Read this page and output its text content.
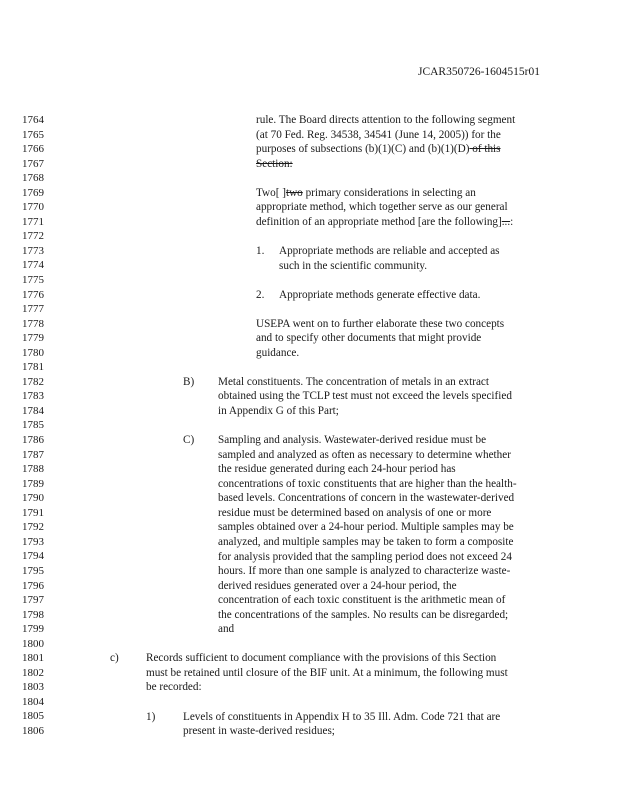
JCAR350726-1604515r01
1764
1765
1766
1767
1768
1769
1770
1771
1772
1773
1774
1775
1776
1777
1778
1779
1780
1781
1782
1783
1784
1785
1786
1787
1788
1789
1790
1791
1792
1793
1794
1795
1796
1797
1798
1799
1800
1801
1802
1803
1804
1805
1806
rule. The Board directs attention to the following segment
(at 70 Fed. Reg. 34538, 34541 (June 14, 2005)) for the
purposes of subsections (b)(1)(C) and (b)(1)(D) of this
Section:
Two[ ]two primary considerations in selecting an
appropriate method, which together serve as our general
definition of an appropriate method [are the following]...:
1. Appropriate methods are reliable and accepted as
such in the scientific community.
2. Appropriate methods generate effective data.
USEPA went on to further elaborate these two concepts
and to specify other documents that might provide
guidance.
B) Metal constituents. The concentration of metals in an extract
obtained using the TCLP test must not exceed the levels specified
in Appendix G of this Part;
C) Sampling and analysis. Wastewater-derived residue must be
sampled and analyzed as often as necessary to determine whether
the residue generated during each 24-hour period has
concentrations of toxic constituents that are higher than the health-
based levels. Concentrations of concern in the wastewater-derived
residue must be determined based on analysis of one or more
samples obtained over a 24-hour period. Multiple samples may be
analyzed, and multiple samples may be taken to form a composite
for analysis provided that the sampling period does not exceed 24
hours. If more than one sample is analyzed to characterize waste-
derived residues generated over a 24-hour period, the
concentration of each toxic constituent is the arithmetic mean of
the concentrations of the samples. No results can be disregarded;
and
c) Records sufficient to document compliance with the provisions of this Section
must be retained until closure of the BIF unit. At a minimum, the following must
be recorded:
1) Levels of constituents in Appendix H to 35 Ill. Adm. Code 721 that are
present in waste-derived residues;
